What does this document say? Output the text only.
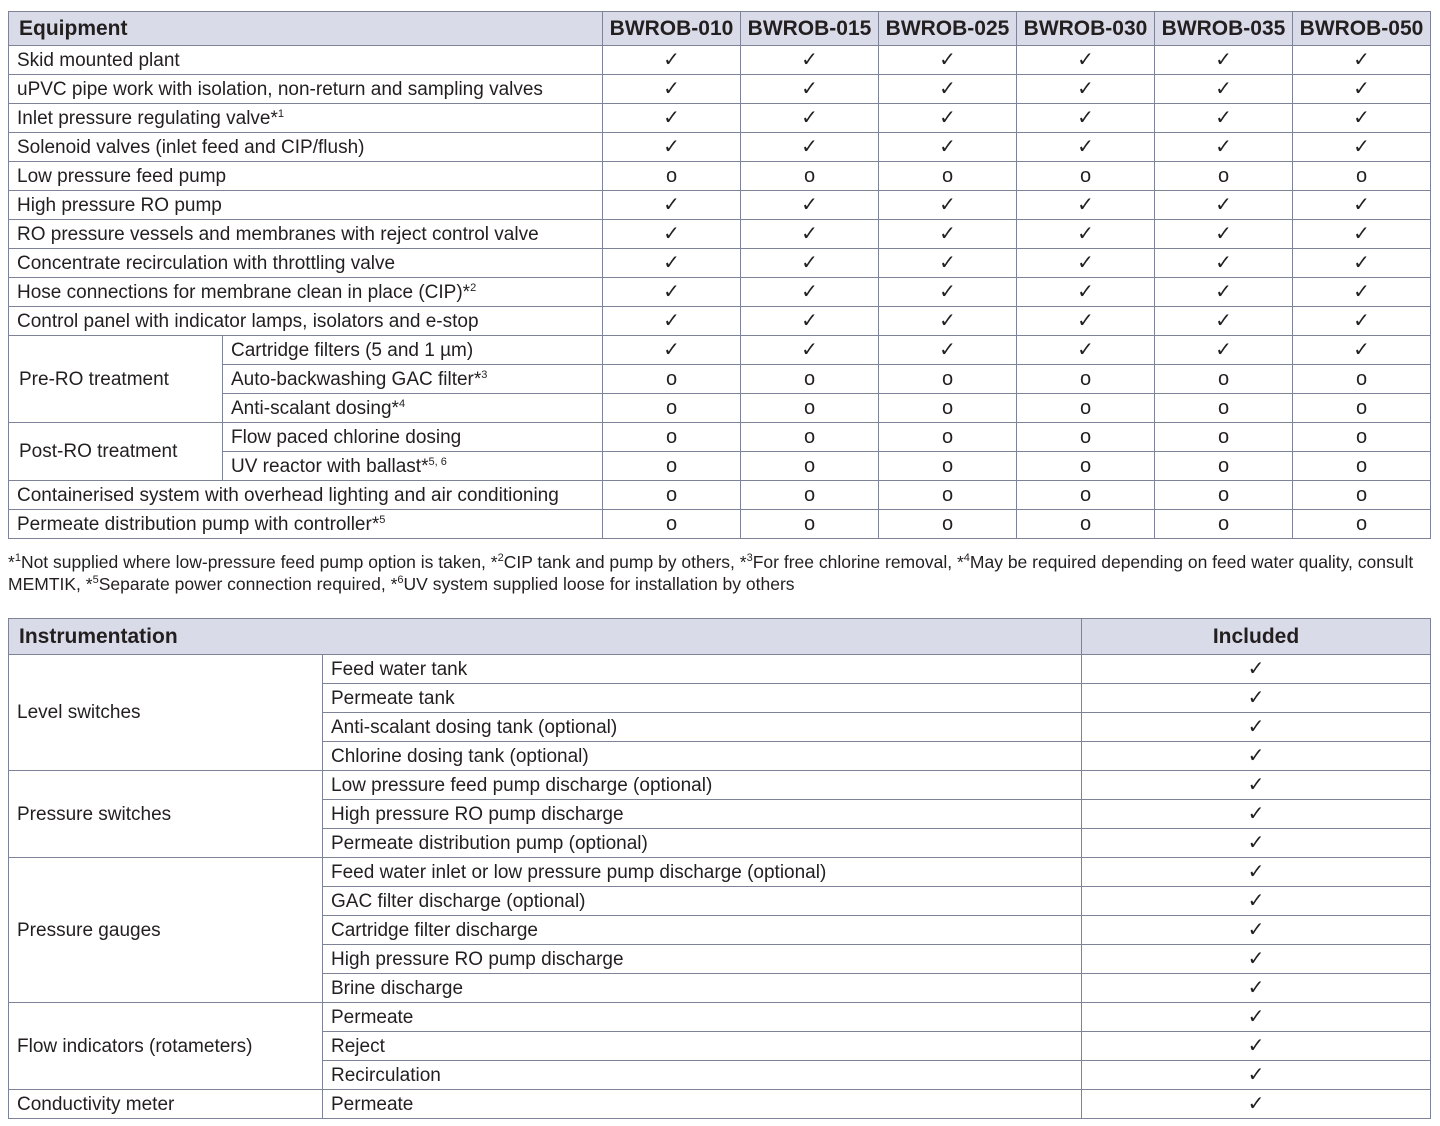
Equipment		BWROB-010	BWROB-015	BWROB-025	BWROB-030	BWROB-035	BWROB-050
Skid mounted plant		✓	✓	✓	✓	✓	✓
uPVC pipe work with isolation, non-return and sampling valves		✓	✓	✓	✓	✓	✓
Inlet pressure regulating valve*$^1$		✓	✓	✓	✓	✓	✓
Solenoid valves (inlet feed and CIP/flush)		✓	✓	✓	✓	✓	✓
Low pressure feed pump		o	o	o	o	o	o
High pressure RO pump		✓	✓	✓	✓	✓	✓
RO pressure vessels and membranes with reject control valve		✓	✓	✓	✓	✓	✓
Concentrate recirculation with throttling valve		✓	✓	✓	✓	✓	✓
Hose connections for membrane clean in place (CIP)*$^2$		✓	✓	✓	✓	✓	✓
Control panel with indicator lamps, isolators and e-stop		✓	✓	✓	✓	✓	✓
Pre-RO treatment	Cartridge filters (5 and 1 µm)	✓	✓	✓	✓	✓	✓
	Auto-backwashing GAC filter*$^3$	o	o	o	o	o	o
	Anti-scalant dosing*$^4$	o	o	o	o	o	o
Post-RO treatment	Flow paced chlorine dosing	o	o	o	o	o	o
	UV reactor with ballast*$^{5, 6}$	o	o	o	o	o	o
Containerised system with overhead lighting and air conditioning		o	o	o	o	o	o
Permeate distribution pump with controller*$^5$		o	o	o	o	o	o
*$^1$Not supplied where low-pressure feed pump option is taken, *$^2$CIP tank and pump by others, *$^3$For free chlorine removal, *$^4$May be required depending on feed water quality, consult MEMTIK, *$^5$Separate power connection required, *$^6$UV system supplied loose for installation by others
Instrumentation		Included
Level switches	Feed water tank	✓
	Permeate tank	✓
	Anti-scalant dosing tank (optional)	✓
	Chlorine dosing tank (optional)	✓
Pressure switches	Low pressure feed pump discharge (optional)	✓
	High pressure RO pump discharge	✓
	Permeate distribution pump (optional)	✓
Pressure gauges	Feed water inlet or low pressure pump discharge (optional)	✓
	GAC filter discharge (optional)	✓
	Cartridge filter discharge	✓
	High pressure RO pump discharge	✓
	Brine discharge	✓
Flow indicators (rotameters)	Permeate	✓
	Reject	✓
	Recirculation	✓
Conductivity meter	Permeate	✓
